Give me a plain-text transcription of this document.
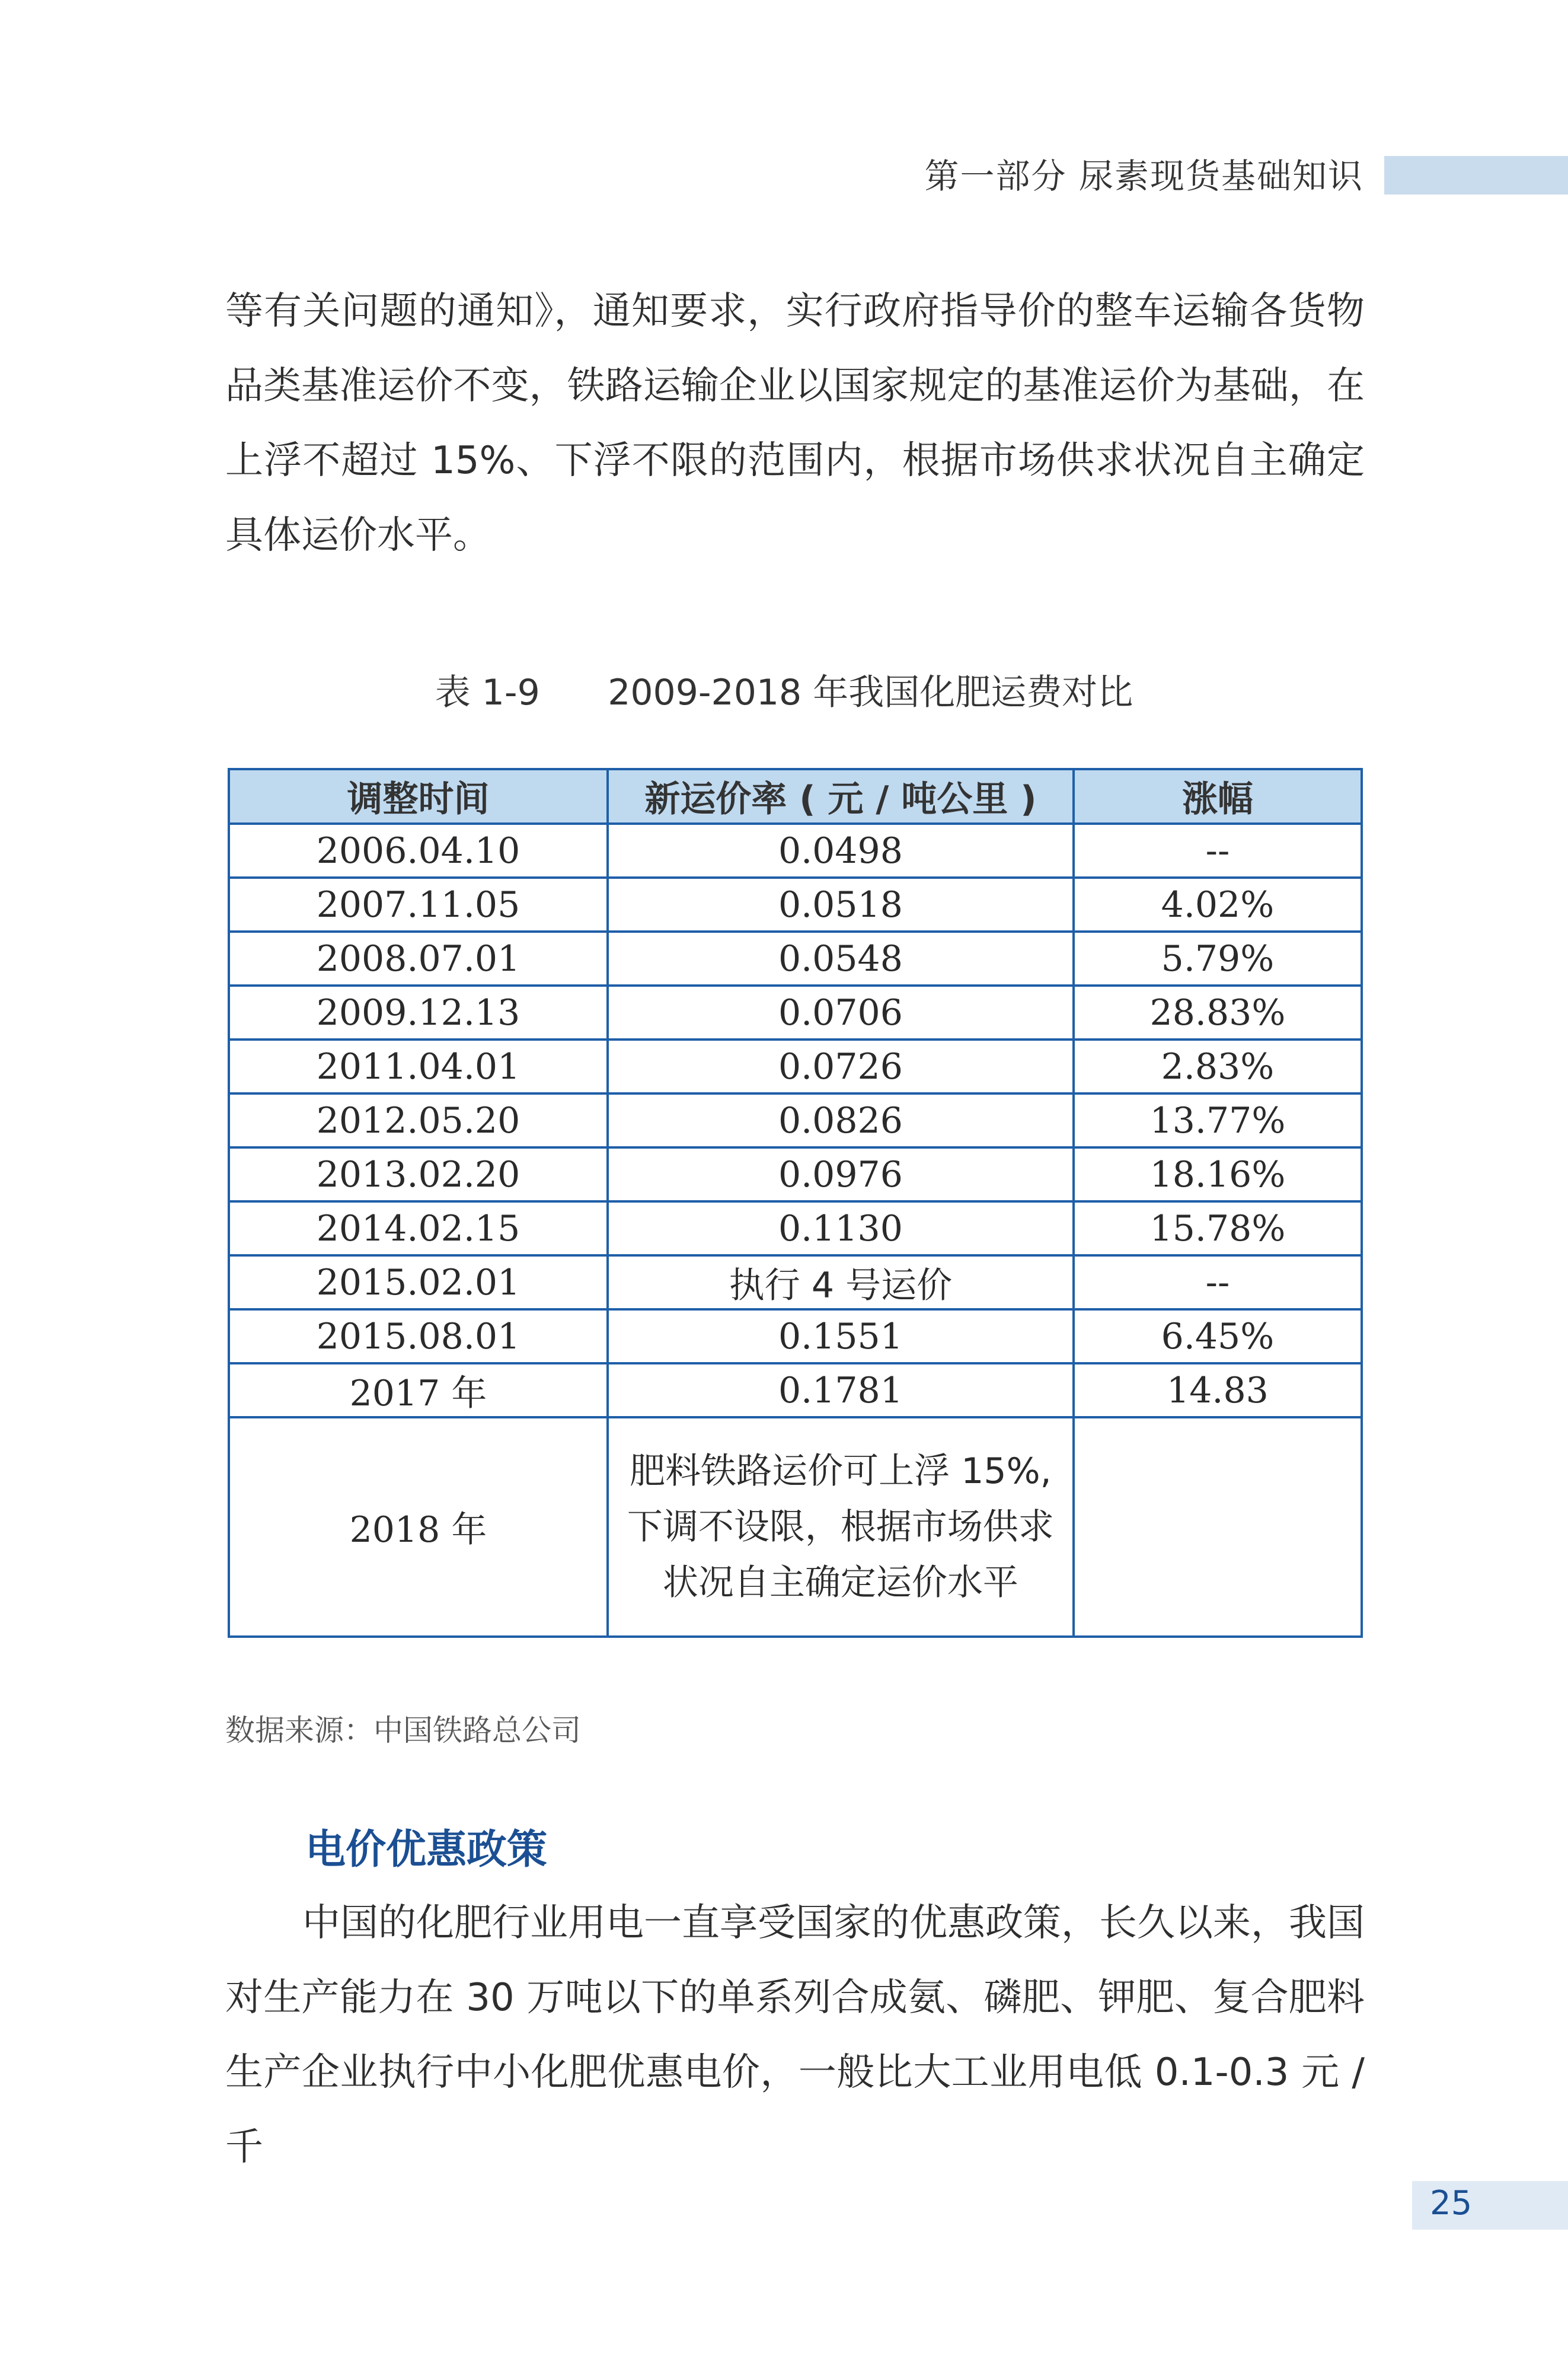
第一部分 尿素现货基础知识

等有关问题的通知》，通知要求，实行政府指导价的整车运输各货物品类基准运价不变，铁路运输企业以国家规定的基准运价为基础，在上浮不超过 15%、下浮不限的范围内，根据市场供求状况自主确定具体运价水平。

表 1-9      2009-2018 年我国化肥运费对比

调整时间	新运价率 ( 元 / 吨公里 )	涨幅
2006.04.10	0.0498	--
2007.11.05	0.0518	4.02%
2008.07.01	0.0548	5.79%
2009.12.13	0.0706	28.83%
2011.04.01	0.0726	2.83%
2012.05.20	0.0826	13.77%
2013.02.20	0.0976	18.16%
2014.02.15	0.1130	15.78%
2015.02.01	执行 4 号运价	--
2015.08.01	0.1551	6.45%
2017 年	0.1781	14.83
2018 年	肥料铁路运价可上浮 15%,
下调不设限，根据市场供求
状况自主确定运价水平	

数据来源：中国铁路总公司

电价优惠政策

中国的化肥行业用电一直享受国家的优惠政策，长久以来，我国对生产能力在 30 万吨以下的单系列合成氨、磷肥、钾肥、复合肥料生产企业执行中小化肥优惠电价，一般比大工业用电低 0.1-0.3 元 / 千

25
